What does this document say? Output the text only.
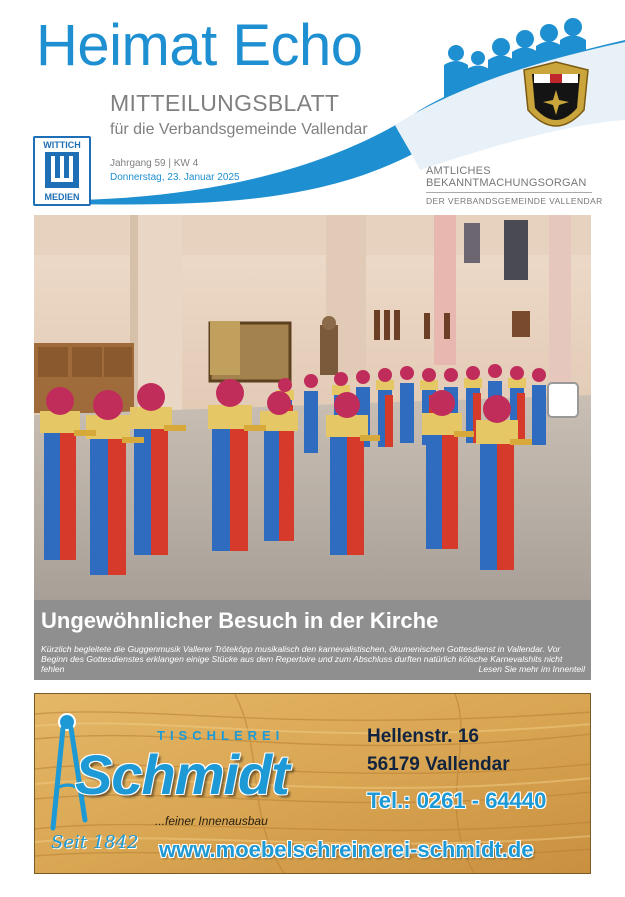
Heimat Echo
MITTEILUNGSBLATT
für die Verbandsgemeinde Vallendar
WITTICH
MEDIEN
Jahrgang 59 | KW 4
Donnerstag, 23. Januar 2025
AMTLICHES
BEKANNTMACHUNGSORGAN
DER VERBANDSGEMEINDE VALLENDAR
Ungewöhnlicher Besuch in der Kirche
Kürzlich begleitete die Guggenmusik Vallerer Tröteköpp musikalisch den karnevalistischen, ökumenischen Gottesdienst in Vallendar. Vor Beginn des Gottesdienstes erklangen einige Stücke aus dem Repertoire und zum Abschluss durften natürlich kölsche Karnevalshits nicht fehlen	Lesen Sie mehr im Innenteil
TISCHLEREI
Schmidt
...feiner Innenausbau
Seit 1842
Hellenstr. 16
56179 Vallendar
Tel.: 0261 - 64440
www.moebelschreinerei-schmidt.de
